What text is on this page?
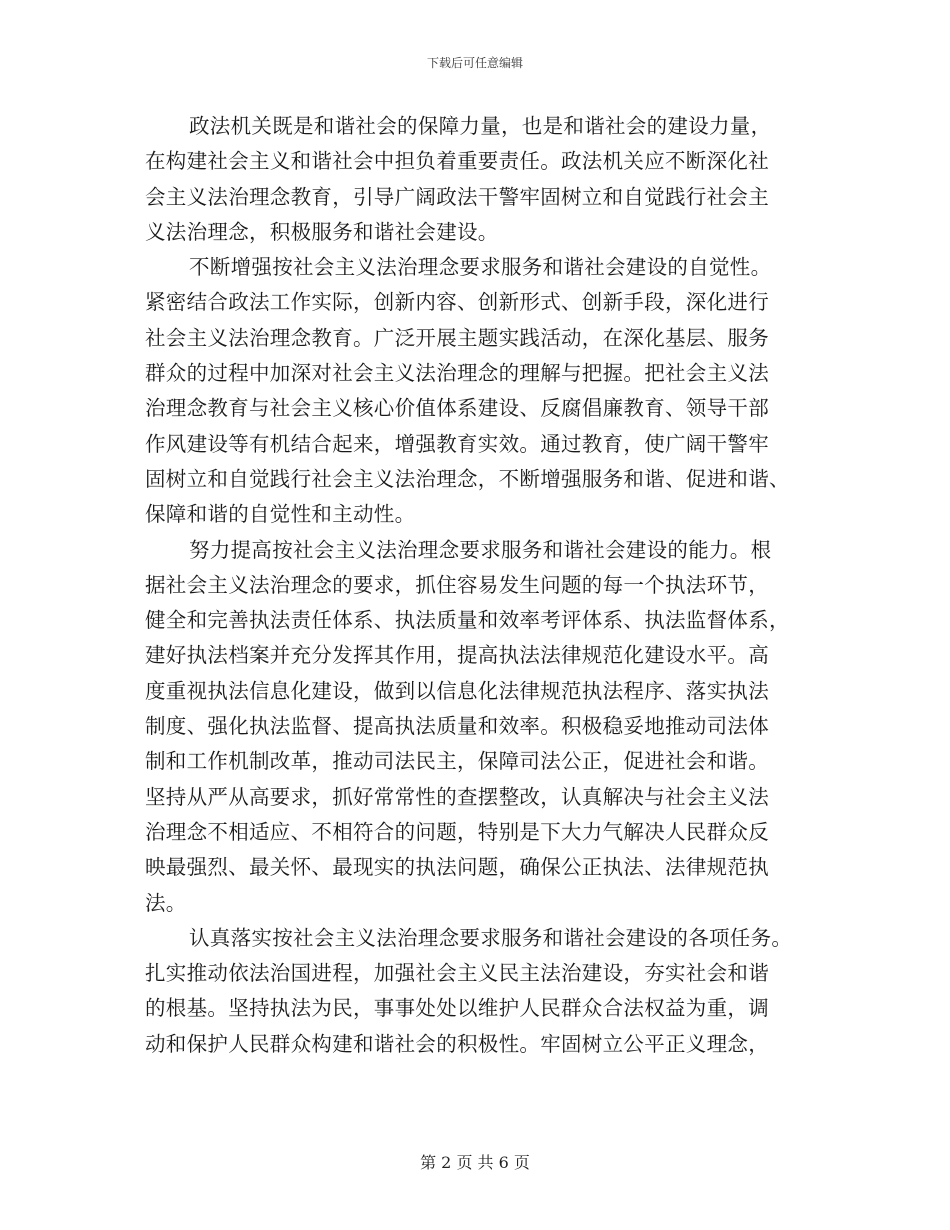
下载后可任意编辑
政法机关既是和谐社会的保障力量，也是和谐社会的建设力量，
在构建社会主义和谐社会中担负着重要责任。政法机关应不断深化社
会主义法治理念教育，引导广阔政法干警牢固树立和自觉践行社会主
义法治理念，积极服务和谐社会建设。
不断增强按社会主义法治理念要求服务和谐社会建设的自觉性。
紧密结合政法工作实际，创新内容、创新形式、创新手段，深化进行
社会主义法治理念教育。广泛开展主题实践活动，在深化基层、服务
群众的过程中加深对社会主义法治理念的理解与把握。把社会主义法
治理念教育与社会主义核心价值体系建设、反腐倡廉教育、领导干部
作风建设等有机结合起来，增强教育实效。通过教育，使广阔干警牢
固树立和自觉践行社会主义法治理念，不断增强服务和谐、促进和谐、
保障和谐的自觉性和主动性。
努力提高按社会主义法治理念要求服务和谐社会建设的能力。根
据社会主义法治理念的要求，抓住容易发生问题的每一个执法环节，
健全和完善执法责任体系、执法质量和效率考评体系、执法监督体系，
建好执法档案并充分发挥其作用，提高执法法律规范化建设水平。高
度重视执法信息化建设，做到以信息化法律规范执法程序、落实执法
制度、强化执法监督、提高执法质量和效率。积极稳妥地推动司法体
制和工作机制改革，推动司法民主，保障司法公正，促进社会和谐。
坚持从严从高要求，抓好常常性的查摆整改，认真解决与社会主义法
治理念不相适应、不相符合的问题，特别是下大力气解决人民群众反
映最强烈、最关怀、最现实的执法问题，确保公正执法、法律规范执
法。
认真落实按社会主义法治理念要求服务和谐社会建设的各项任务。
扎实推动依法治国进程，加强社会主义民主法治建设，夯实社会和谐
的根基。坚持执法为民，事事处处以维护人民群众合法权益为重，调
动和保护人民群众构建和谐社会的积极性。牢固树立公平正义理念，
第 2 页 共 6 页
